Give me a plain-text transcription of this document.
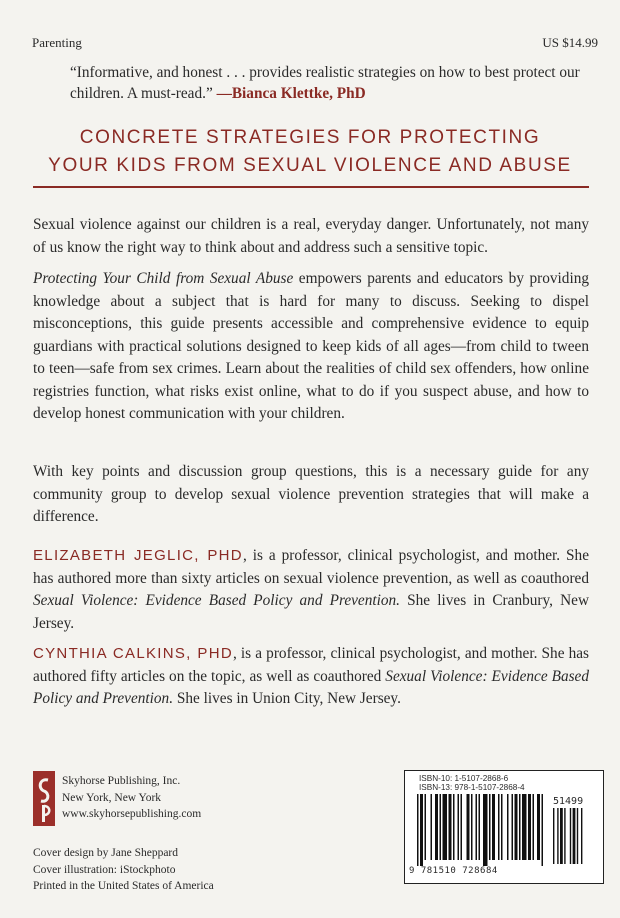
Parenting	US $14.99
“Informative, and honest . . . provides realistic strategies on how to best protect our children. A must-read.” —Bianca Klettke, PhD
CONCRETE STRATEGIES FOR PROTECTING
YOUR KIDS FROM SEXUAL VIOLENCE AND ABUSE
Sexual violence against our children is a real, everyday danger. Unfortunately, not many of us know the right way to think about and address such a sensitive topic.
Protecting Your Child from Sexual Abuse empowers parents and educators by providing knowledge about a subject that is hard for many to discuss. Seeking to dispel misconceptions, this guide presents accessible and comprehensive evidence to equip guardians with practical solutions designed to keep kids of all ages—from child to tween to teen—safe from sex crimes. Learn about the realities of child sex offenders, how online registries function, what risks exist online, what to do if you suspect abuse, and how to develop honest communication with your children.
With key points and discussion group questions, this is a necessary guide for any community group to develop sexual violence prevention strategies that will make a difference.
ELIZABETH JEGLIC, PHD, is a professor, clinical psychologist, and mother. She has authored more than sixty articles on sexual violence prevention, as well as coauthored Sexual Violence: Evidence Based Policy and Prevention. She lives in Cranbury, New Jersey.
CYNTHIA CALKINS, PHD, is a professor, clinical psychologist, and mother. She has authored fifty articles on the topic, as well as coauthored Sexual Violence: Evidence Based Policy and Prevention. She lives in Union City, New Jersey.
Skyhorse Publishing, Inc.
New York, New York
www.skyhorsepublishing.com
Cover design by Jane Sheppard
Cover illustration: iStockphoto
Printed in the United States of America
ISBN-10: 1-5107-2868-6
ISBN-13: 978-1-5107-2868-4
51499
9 781510 728684
